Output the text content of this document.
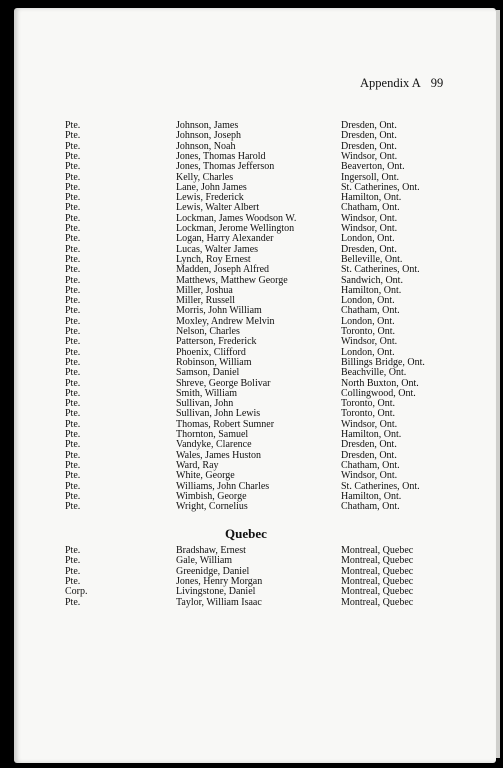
Appendix A 99
Pte.	Johnson, James	Dresden, Ont.
Pte.	Johnson, Joseph	Dresden, Ont.
Pte.	Johnson, Noah	Dresden, Ont.
Pte.	Jones, Thomas Harold	Windsor, Ont.
Pte.	Jones, Thomas Jefferson	Beaverton, Ont.
Pte.	Kelly, Charles	Ingersoll, Ont.
Pte.	Lane, John James	St. Catherines, Ont.
Pte.	Lewis, Frederick	Hamilton, Ont.
Pte.	Lewis, Walter Albert	Chatham, Ont.
Pte.	Lockman, James Woodson W.	Windsor, Ont.
Pte.	Lockman, Jerome Wellington	Windsor, Ont.
Pte.	Logan, Harry Alexander	London, Ont.
Pte.	Lucas, Walter James	Dresden, Ont.
Pte.	Lynch, Roy Ernest	Belleville, Ont.
Pte.	Madden, Joseph Alfred	St. Catherines, Ont.
Pte.	Matthews, Matthew George	Sandwich, Ont.
Pte.	Miller, Joshua	Hamilton, Ont.
Pte.	Miller, Russell	London, Ont.
Pte.	Morris, John William	Chatham, Ont.
Pte.	Moxley, Andrew Melvin	London, Ont.
Pte.	Nelson, Charles	Toronto, Ont.
Pte.	Patterson, Frederick	Windsor, Ont.
Pte.	Phoenix, Clifford	London, Ont.
Pte.	Robinson, William	Billings Bridge, Ont.
Pte.	Samson, Daniel	Beachville, Ont.
Pte.	Shreve, George Bolivar	North Buxton, Ont.
Pte.	Smith, William	Collingwood, Ont.
Pte.	Sullivan, John	Toronto, Ont.
Pte.	Sullivan, John Lewis	Toronto, Ont.
Pte.	Thomas, Robert Sumner	Windsor, Ont.
Pte.	Thornton, Samuel	Hamilton, Ont.
Pte.	Vandyke, Clarence	Dresden, Ont.
Pte.	Wales, James Huston	Dresden, Ont.
Pte.	Ward, Ray	Chatham, Ont.
Pte.	White, George	Windsor, Ont.
Pte.	Williams, John Charles	St. Catherines, Ont.
Pte.	Wimbish, George	Hamilton, Ont.
Pte.	Wright, Cornelius	Chatham, Ont.
Quebec
Pte.	Bradshaw, Ernest	Montreal, Quebec
Pte.	Gale, William	Montreal, Quebec
Pte.	Greenidge, Daniel	Montreal, Quebec
Pte.	Jones, Henry Morgan	Montreal, Quebec
Corp.	Livingstone, Daniel	Montreal, Quebec
Pte.	Taylor, William Isaac	Montreal, Quebec
